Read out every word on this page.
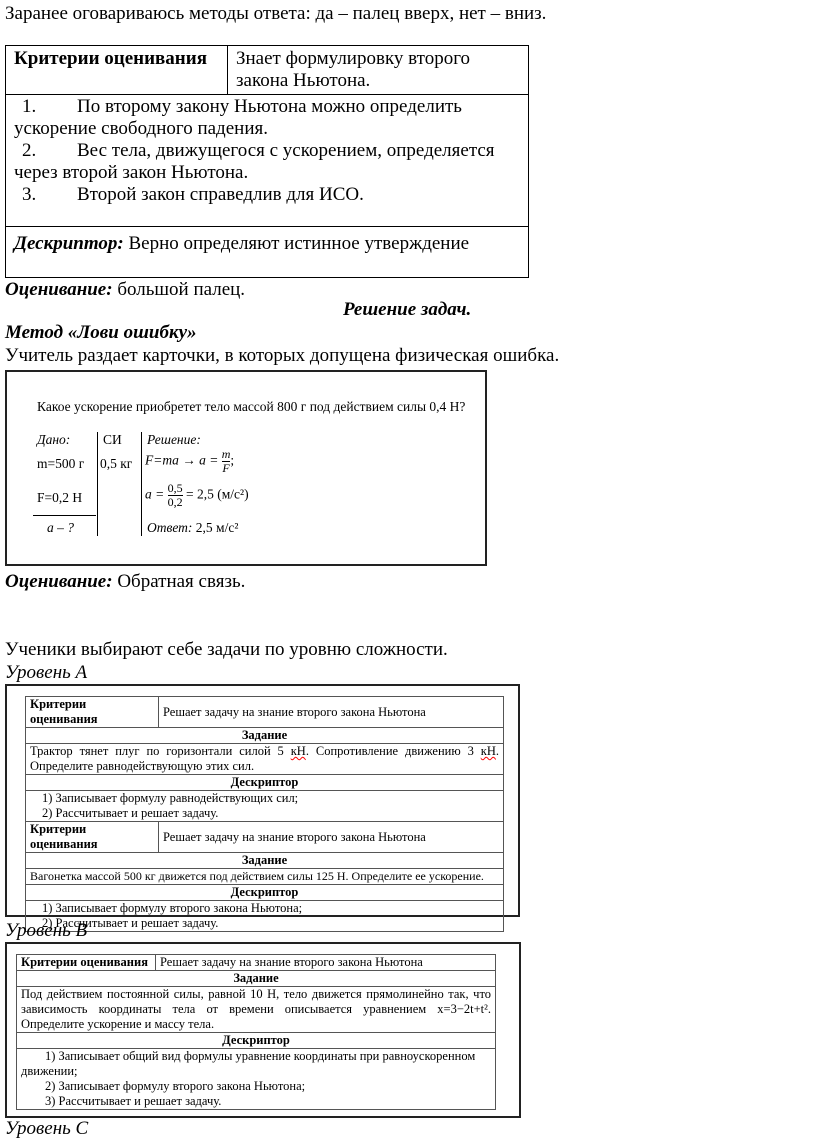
Заранее оговариваюсь методы ответа: да – палец вверх, нет – вниз.
Критерии оценивания	Знает формулировку второго
закона Ньютона.

1.	По второму закону Ньютона можно определить
ускорение свободного падения.
2.	Вес тела, движущегося с ускорением, определяется
через второй закон Ньютона.
3.	Второй закон справедлив для ИСО.

Дескриптор: Верно определяют истинное утверждение
Оценивание: большой палец.
Решение задач.
Метод «Лови ошибку»
Учитель раздает карточки, в которых допущена физическая ошибка.
Какое ускорение приобретет тело массой 800 г под действием силы 0,4 Н?
Дано: СИ Решение:
m=500 г 0,5 кг $F=ma \to a = \frac{m}{F}$ ;
F=0,2 Н	$a = \frac{0,5}{0,2} = 2,5$ (м/с²)
a – ?	Ответ: 2,5 м/с²
Оценивание: Обратная связь.
Ученики выбирают себе задачи по уровню сложности.
Уровень А
Критерии оценивания	Решает задачу на знание второго закона Ньютона
Задание

Трактор тянет плуг по горизонтали силой 5 кН. Сопротивление движению 3 кН.
Определите равнодействующую этих сил.

Дескриптор

1) Записывает формулу равнодействующих сил;
2) Рассчитывает и решает задачу.
Критерии оценивания	Решает задачу на знание второго закона Ньютона
Задание
Вагонетка массой 500 кг движется под действием силы 125 Н. Определите ее ускорение.
Дескриптор

1) Записывает формулу второго закона Ньютона;
2) Рассчитывает и решает задачу.
Уровень В
Критерии оценивания	Решает задачу на знание второго закона Ньютона
Задание

Под действием постоянной силы, равной 10 Н, тело движется прямолинейно так, что
зависимость координаты тела от времени описывается уравнением x=3−2t+t².
Определите ускорение и массу тела.

Дескриптор

1) Записывает общий вид формулы уравнение координаты при равноускоренном
движении;
2) Записывает формулу второго закона Ньютона;
3) Рассчитывает и решает задачу.
Уровень С
